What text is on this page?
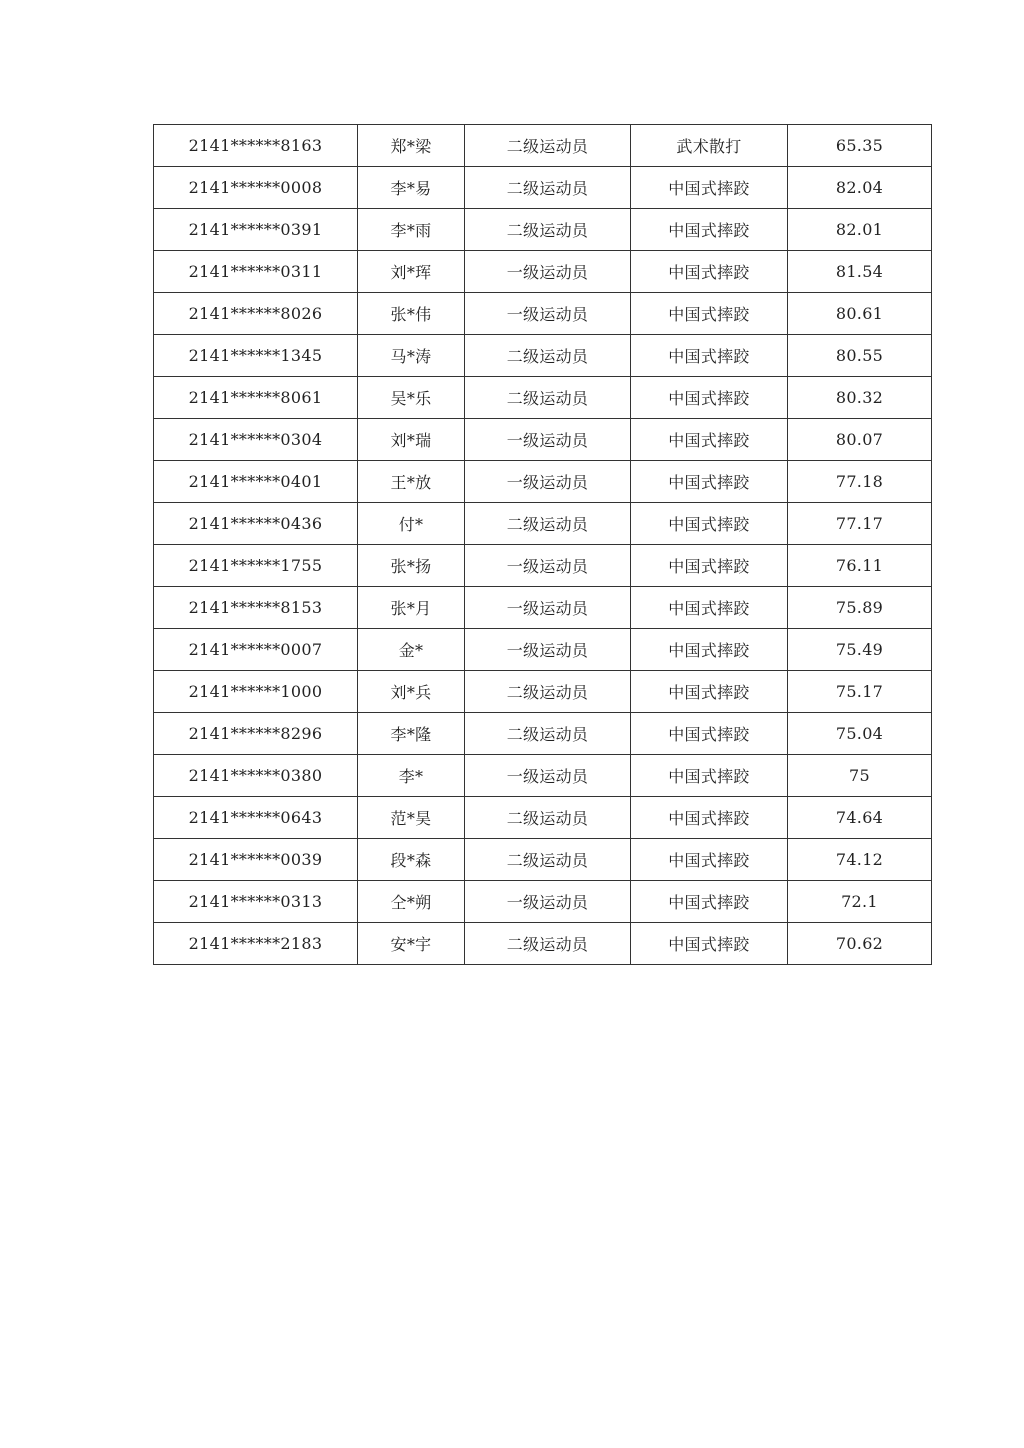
2141******8163	郑*梁	二级运动员	武术散打	65.35
2141******0008	李*易	二级运动员	中国式摔跤	82.04
2141******0391	李*雨	二级运动员	中国式摔跤	82.01
2141******0311	刘*珲	一级运动员	中国式摔跤	81.54
2141******8026	张*伟	一级运动员	中国式摔跤	80.61
2141******1345	马*涛	二级运动员	中国式摔跤	80.55
2141******8061	吴*乐	二级运动员	中国式摔跤	80.32
2141******0304	刘*瑞	一级运动员	中国式摔跤	80.07
2141******0401	王*放	一级运动员	中国式摔跤	77.18
2141******0436	付*	二级运动员	中国式摔跤	77.17
2141******1755	张*扬	一级运动员	中国式摔跤	76.11
2141******8153	张*月	一级运动员	中国式摔跤	75.89
2141******0007	金*	一级运动员	中国式摔跤	75.49
2141******1000	刘*兵	二级运动员	中国式摔跤	75.17
2141******8296	李*隆	二级运动员	中国式摔跤	75.04
2141******0380	李*	一级运动员	中国式摔跤	75
2141******0643	范*昊	二级运动员	中国式摔跤	74.64
2141******0039	段*森	二级运动员	中国式摔跤	74.12
2141******0313	仝*朔	一级运动员	中国式摔跤	72.1
2141******2183	安*宇	二级运动员	中国式摔跤	70.62
